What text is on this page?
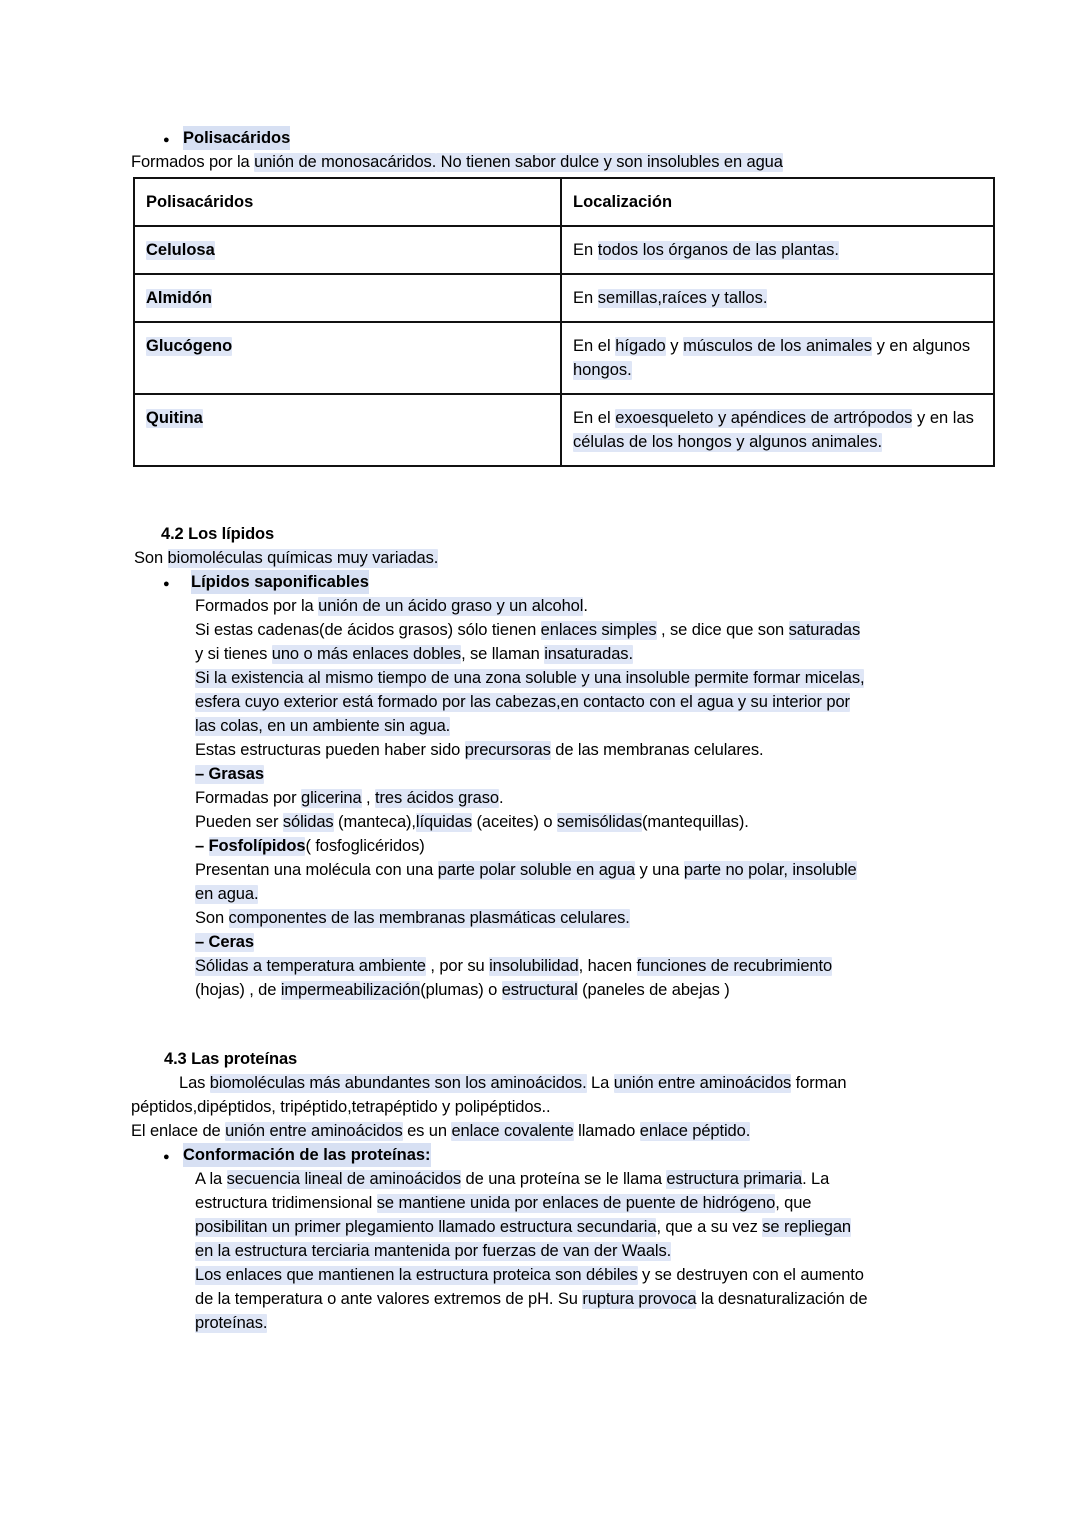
●
Polisacáridos
Formados por la unión de monosacáridos. No tienen sabor dulce y son insolubles en agua
Polisacáridos	Localización
Celulosa	En todos los órganos de las plantas.
Almidón	En semillas,raíces y tallos.
Glucógeno	En el hígado y músculos de los animales y en algunos hongos.
Quitina	En el exoesqueleto y apéndices de artrópodos y en las células de los hongos y algunos animales.
4.2 Los lípidos
Son biomoléculas químicas muy variadas.
●
Lípidos saponificables
Formados por la unión de un ácido graso y un alcohol.
Si estas cadenas(de ácidos grasos) sólo tienen enlaces simples , se dice que son saturadas
y si tienes uno o más enlaces dobles, se llaman insaturadas.
Si la existencia al mismo tiempo de una zona soluble y una insoluble permite formar micelas,
esfera cuyo exterior está formado por las cabezas,en contacto con el agua y su interior por
las colas, en un ambiente sin agua.
Estas estructuras pueden haber sido precursoras de las membranas celulares.
– Grasas
Formadas por glicerina , tres ácidos graso.
Pueden ser sólidas (manteca),líquidas (aceites) o semisólidas(mantequillas).
– Fosfolípidos( fosfoglicéridos)
Presentan una molécula con una parte polar soluble en agua y una parte no polar, insoluble
en agua.
Son componentes de las membranas plasmáticas celulares.
– Ceras
Sólidas a temperatura ambiente , por su insolubilidad, hacen funciones de recubrimiento
(hojas) , de impermeabilización(plumas) o estructural (paneles de abejas )
4.3 Las proteínas
Las biomoléculas más abundantes son los aminoácidos. La unión entre aminoácidos forman
péptidos,dipéptidos, tripéptido,tetrapéptido y polipéptidos..
El enlace de unión entre aminoácidos es un enlace covalente llamado enlace péptido.
●
Conformación de las proteínas:
A la secuencia lineal de aminoácidos de una proteína se le llama estructura primaria. La
estructura tridimensional se mantiene unida por enlaces de puente de hidrógeno, que
posibilitan un primer plegamiento llamado estructura secundaria, que a su vez se repliegan
en la estructura terciaria mantenida por fuerzas de van der Waals.
Los enlaces que mantienen la estructura proteica son débiles y se destruyen con el aumento
de la temperatura o ante valores extremos de pH. Su ruptura provoca la desnaturalización de
proteínas.
